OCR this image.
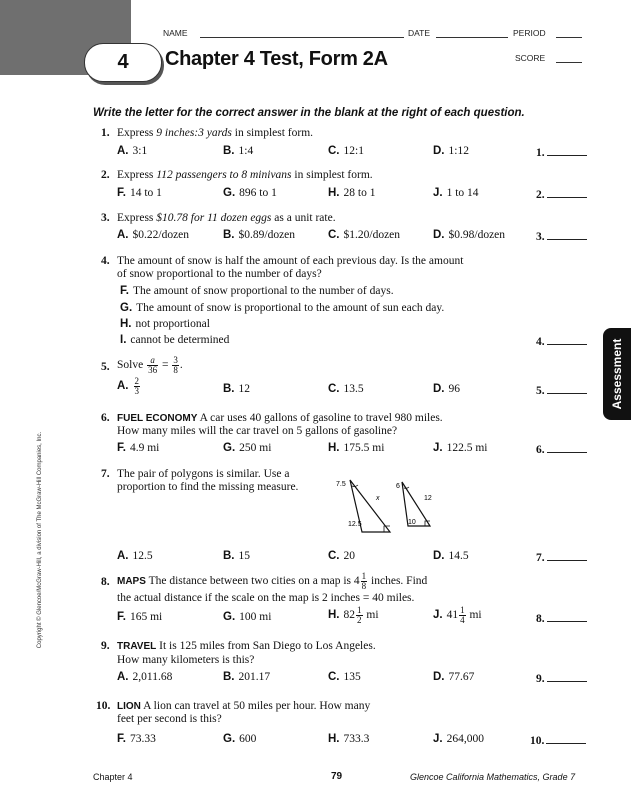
4 Chapter 4 Test, Form 2A
NAME	DATE	PERIOD
SCORE
Write the letter for the correct answer in the blank at the right of each question.
Assessment
Copyright © Glencoe/McGraw-Hill, a division of The McGraw-Hill Companies, Inc.
1. Express 9 inches:3 yards in simplest form.
A. 3:1	B. 1:4	C. 12:1	D. 1:12	1.
2. Express 112 passengers to 8 minivans in simplest form.
F. 14 to 1	G. 896 to 1	H. 28 to 1	J. 1 to 14	2.
3. Express $10.78 for 11 dozen eggs as a unit rate.
A. $0.22/dozen	B. $0.89/dozen	C. $1.20/dozen	D. $0.98/dozen	3.
4. The amount of snow is half the amount of each previous day. Is the amount
of snow proportional to the number of days?
F. The amount of snow proportional to the number of days.
G. The amount of snow is proportional to the amount of sun each day.
H. not proportional
I. cannot be determined	4.
5. Solve $\frac{a}{36} = \frac{3}{8}$ .
A. $\frac{2}{3}$	B. 12	C. 13.5	D. 96	5.
6. FUEL ECONOMY A car uses 40 gallons of gasoline to travel 980 miles.
How many miles will the car travel on 5 gallons of gasoline?
F. 4.9 mi	G. 250 mi	H. 175.5 mi	J. 122.5 mi	6.
7. The pair of polygons is similar. Use a
proportion to find the missing measure.	7.5
x
12.5
6
12
10
A. 12.5	B. 15	C. 20	D. 14.5	7.
8. MAPS The distance between two cities on a map is $4 \frac{1}{8}$ inches. Find
the actual distance if the scale on the map is 2 inches = 40 miles.
F. 165 mi	G. 100 mi	H. $82 \frac{1}{2}$ mi	J. $41 \frac{1}{4}$ mi	8.
9. TRAVEL It is 125 miles from San Diego to Los Angeles.
How many kilometers is this?
A. 2,011.68	B. 201.17	C. 135	D. 77.67	9.
10. LION A lion can travel at 50 miles per hour. How many
feet per second is this?
F. 73.33	G. 600	H. 733.3	J. 264,000	10.
Chapter 4	79	Glencoe California Mathematics, Grade 7
